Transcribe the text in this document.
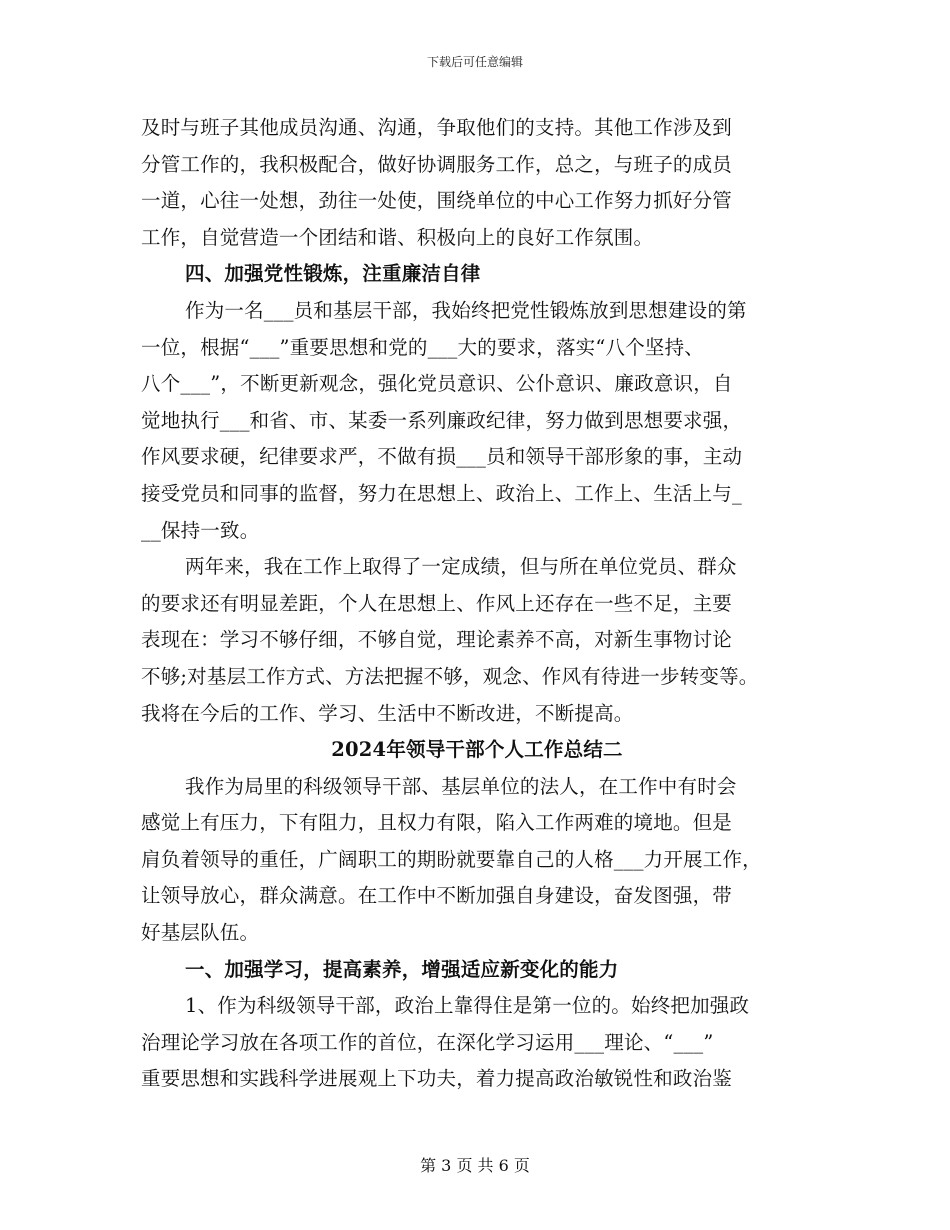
下载后可任意编辑
及时与班子其他成员沟通、沟通，争取他们的支持。其他工作涉及到
分管工作的，我积极配合，做好协调服务工作，总之，与班子的成员
一道，心往一处想，劲往一处使，围绕单位的中心工作努力抓好分管
工作，自觉营造一个团结和谐、积极向上的良好工作氛围。
四、加强党性锻炼，注重廉洁自律
作为一名___员和基层干部，我始终把党性锻炼放到思想建设的第
一位，根据“___”重要思想和党的___大的要求，落实“八个坚持、
八个___”，不断更新观念，强化党员意识、公仆意识、廉政意识，自
觉地执行___和省、市、某委一系列廉政纪律，努力做到思想要求强，
作风要求硬，纪律要求严，不做有损___员和领导干部形象的事，主动
接受党员和同事的监督，努力在思想上、政治上、工作上、生活上与_
__保持一致。
两年来，我在工作上取得了一定成绩，但与所在单位党员、群众
的要求还有明显差距，个人在思想上、作风上还存在一些不足，主要
表现在：学习不够仔细，不够自觉，理论素养不高，对新生事物讨论
不够;对基层工作方式、方法把握不够，观念、作风有待进一步转变等。
我将在今后的工作、学习、生活中不断改进，不断提高。
2024年领导干部个人工作总结二
我作为局里的科级领导干部、基层单位的法人，在工作中有时会
感觉上有压力，下有阻力，且权力有限，陷入工作两难的境地。但是
肩负着领导的重任，广阔职工的期盼就要靠自己的人格___力开展工作，
让领导放心，群众满意。在工作中不断加强自身建设，奋发图强，带
好基层队伍。
一、加强学习，提高素养，增强适应新变化的能力
1、作为科级领导干部，政治上靠得住是第一位的。始终把加强政
治理论学习放在各项工作的首位，在深化学习运用___理论、“___”
重要思想和实践科学进展观上下功夫，着力提高政治敏锐性和政治鉴
第 3 页 共 6 页
